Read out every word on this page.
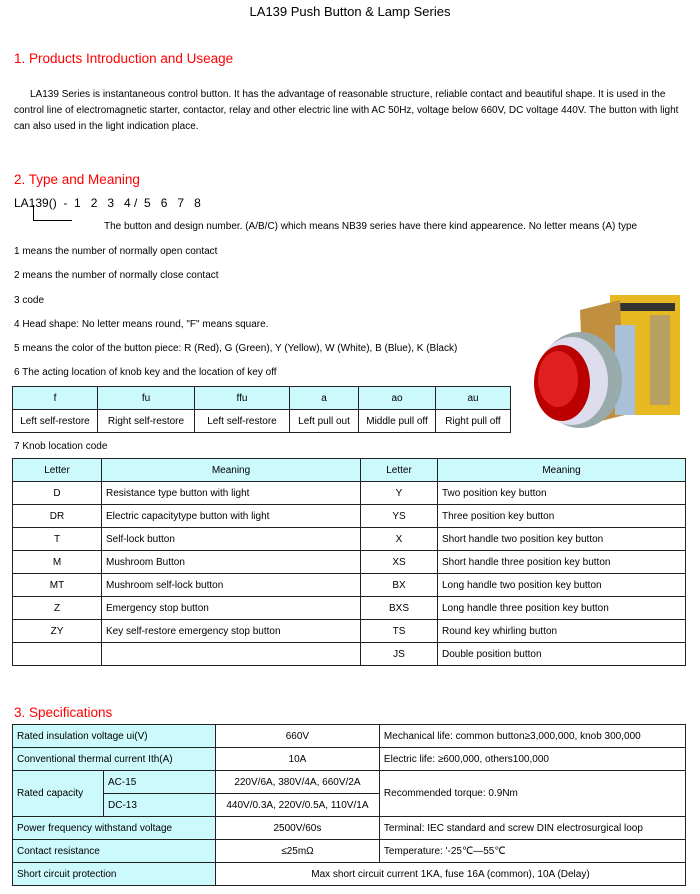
LA139 Push Button & Lamp Series
1. Products Introduction and Useage
LA139 Series is instantaneous control button. It has the advantage of reasonable structure, reliable contact and beautiful shape. It is used in the control line of electromagnetic starter, contactor, relay and other electric line with AC 50Hz, voltage below 660V, DC voltage 440V. The button with light can also used in the light indication place.
2. Type and Meaning
LA139()  -  1   2   3   4 /  5   6   7   8
The button and design number. (A/B/C) which means NB39 series have there kind appearence. No letter means (A) type
1 means the number of normally open contact
2 means the number of normally close contact
3 code
4 Head shape: No letter means round, "F" means square.
5 means the color of the button piece: R (Red), G (Green), Y (Yellow), W (White), B (Blue), K (Black)
6 The acting location of knob key and the location of key off
f	fu	ffu	a	ao	au
Left self-restore	Right self-restore	Left self-restore	Left pull out	Middle pull off	Right pull off
7 Knob location code
Letter	Meaning	Letter	Meaning
D	Resistance type button with light	Y	Two position key button
DR	Electric capacitytype button with light	YS	Three position key button
T	Self-lock button	X	Short handle two position key button
M	Mushroom Button	XS	Short handle three position key button
MT	Mushroom self-lock button	BX	Long handle two position key button
Z	Emergency stop button	BXS	Long handle three position key button
ZY	Key self-restore emergency stop button	TS	Round key whirling button
		JS	Double position button
3. Specifications
Rated insulation voltage ui(V)		660V	Mechanical life: common button≥3,000,000, knob 300,000
Conventional thermal current Ith(A)		10A	Electric life: ≥600,000, others100,000
Rated capacity	AC-15	220V/6A, 380V/4A, 660V/2A	Recommended torque: 0.9Nm
	DC-13	440V/0.3A, 220V/0.5A, 110V/1A	
Power frequency withstand voltage		2500V/60s	Terminal: IEC standard and screw DIN electrosurgical loop
Contact resistance		≤25mΩ	Temperature: '-25℃—55℃
Short circuit protection		Max short circuit current 1KA, fuse 16A (common), 10A (Delay)	
